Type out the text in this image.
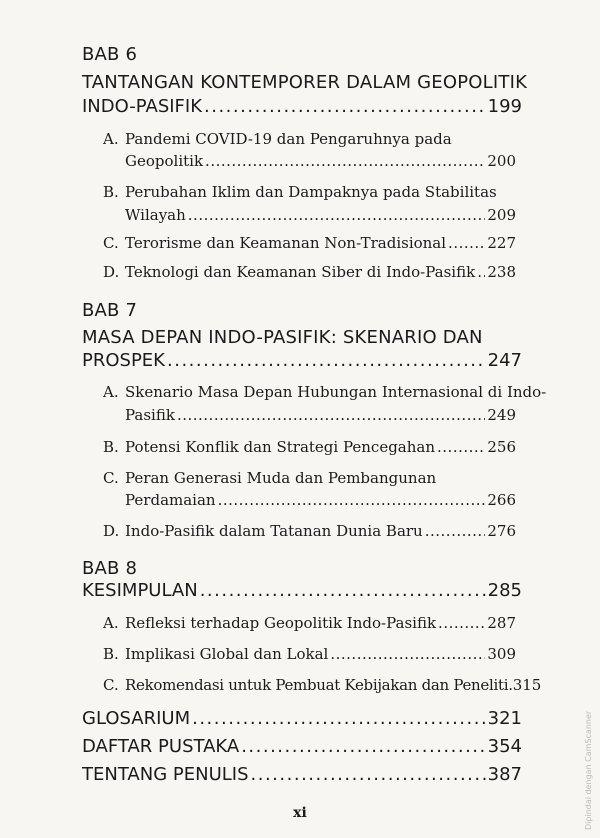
BAB 6
TANTANGAN KONTEMPORER DALAM GEOPOLITIK
INDO-PASIFIK .....	199
A. Pandemi COVID-19 dan Pengaruhnya pada
Geopolitik .....	200
B. Perubahan Iklim dan Dampaknya pada Stabilitas
Wilayah .....	209
C. Terorisme dan Keamanan Non-Tradisional .....	227
D. Teknologi dan Keamanan Siber di Indo-Pasifik ..... 238
BAB 7
MASA DEPAN INDO-PASIFIK: SKENARIO DAN
PROSPEK .....	247
A. Skenario Masa Depan Hubungan Internasional di Indo-
Pasifik .....	249
B. Potensi Konflik dan Strategi Pencegahan .....	256
C. Peran Generasi Muda dan Pembangunan
Perdamaian .....	266
D. Indo-Pasifik dalam Tatanan Dunia Baru .....	276
BAB 8
KESIMPULAN .....	285
A. Refleksi terhadap Geopolitik Indo-Pasifik .....	287
B. Implikasi Global dan Lokal .....	309
C. Rekomendasi untuk Pembuat Kebijakan dan Peneliti. 315
GLOSARIUM .....	321
DAFTAR PUSTAKA .....	354
TENTANG PENULIS .....	387
xi	Dipindai dengan CamScanner
